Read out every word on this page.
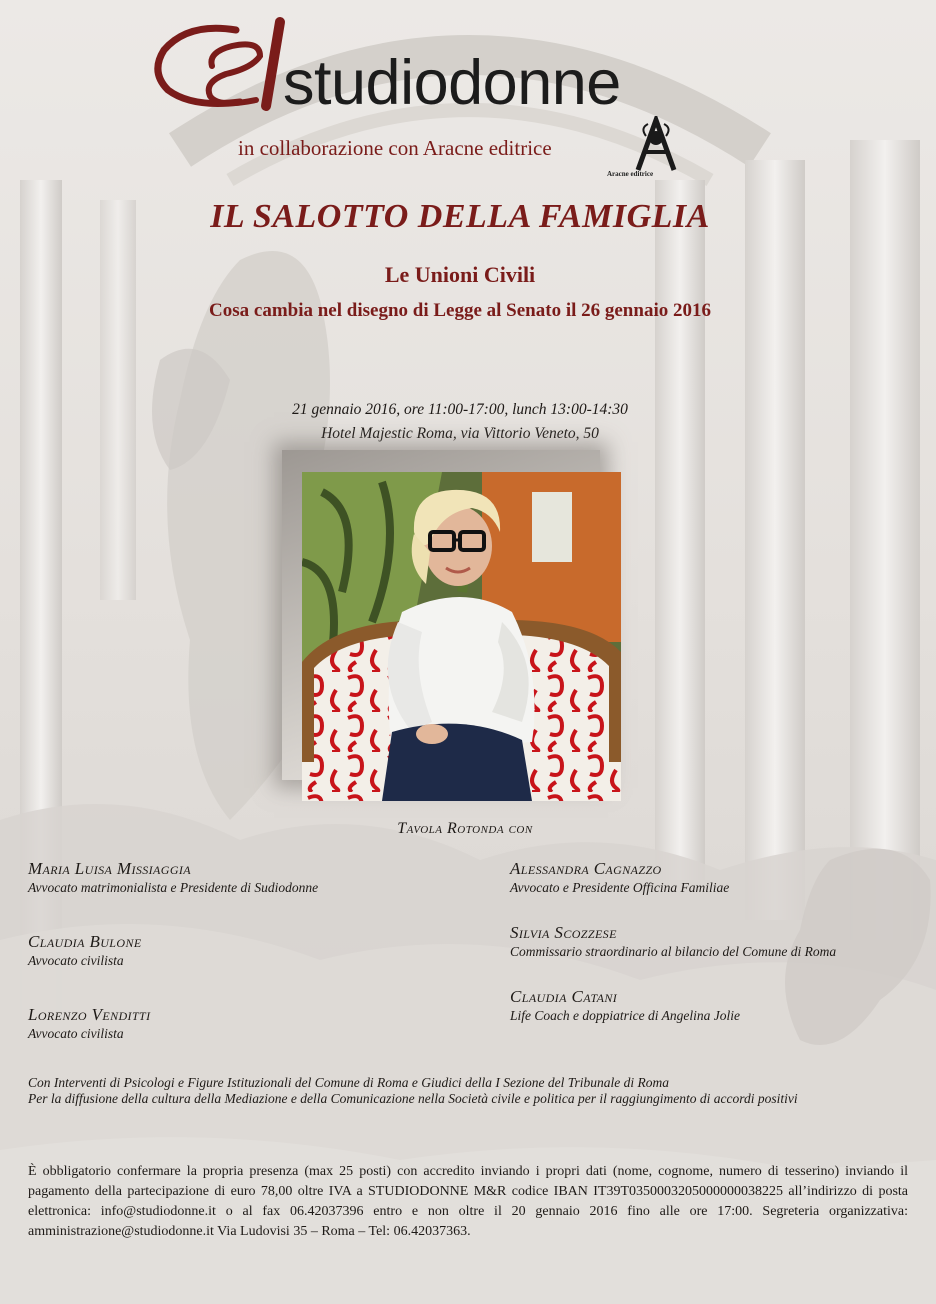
studiodonne
in collaborazione con Aracne editrice
Aracne editrice
IL SALOTTO DELLA FAMIGLIA
Le Unioni Civili
Cosa cambia nel disegno di Legge al Senato il 26 gennaio 2016
21 gennaio 2016, ore 11:00-17:00, lunch 13:00-14:30
Hotel Majestic Roma, via Vittorio Veneto, 50
Tavola Rotonda con
Maria Luisa Missiaggia
Avvocato matrimonialista e Presidente di Sudiodonne
Claudia Bulone
Avvocato civilista
Lorenzo Venditti
Avvocato civilista
Alessandra Cagnazzo
Avvocato e Presidente Officina Familiae
Silvia Scozzese
Commissario straordinario al bilancio del Comune di Roma
Claudia Catani
Life Coach e doppiatrice di Angelina Jolie
Con Interventi di Psicologi e Figure Istituzionali del Comune di Roma e Giudici della I Sezione del Tribunale di Roma
Per la diffusione della cultura della Mediazione e della Comunicazione nella Società civile e politica per il raggiungimento di accordi positivi
È obbligatorio confermare la propria presenza (max 25 posti) con accredito inviando i propri dati (nome, cognome, numero di tesserino) inviando il pagamento della partecipazione di euro 78,00 oltre IVA a STUDIODONNE M&R codice IBAN IT39T0350003205000000038225 all’indirizzo di posta elettronica: info@studiodonne.it o al fax 06.42037396 entro e non oltre il 20 gennaio 2016 fino alle ore 17:00. Segreteria organizzativa: amministrazione@studiodonne.it Via Ludovisi 35 – Roma – Tel: 06.42037363.
